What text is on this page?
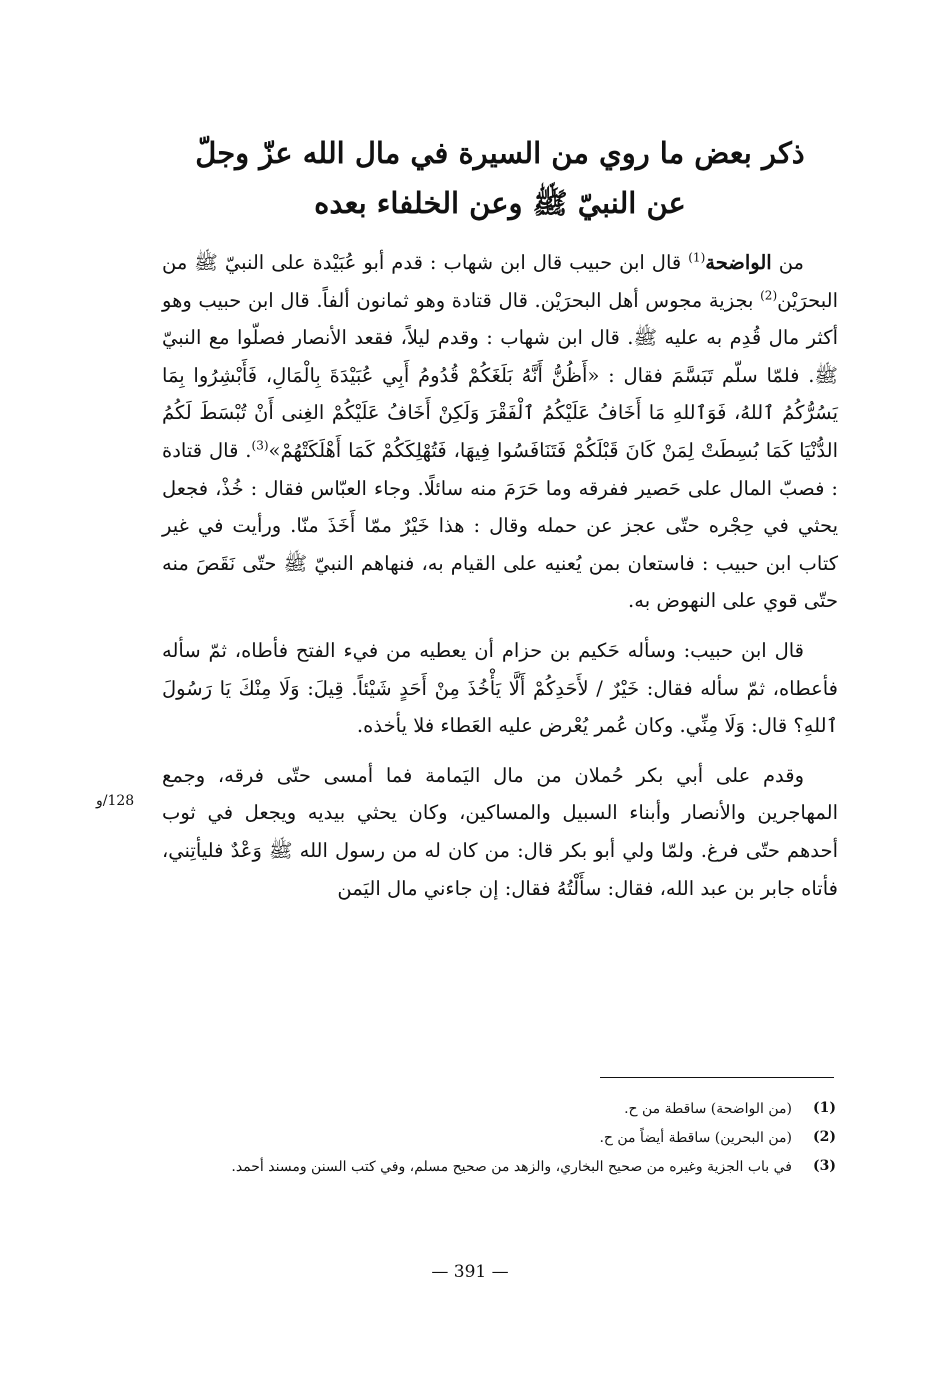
ذكر بعض ما روي من السيرة في مال الله عزّ وجلّ
عن النبيّ ﷺ وعن الخلفاء بعده

من الواضحة$^{(1)}$ قال ابن حبيب قال ابن شهاب : قدم أبو عُبَيْدة على النبيّ ﷺ من البحرَيْن$^{(2)}$ بجزية مجوس أهل البحرَيْن. قال قتادة وهو ثمانون ألفاً. قال ابن حبيب وهو أكثر مال قُدِم به عليه ﷺ. قال ابن شهاب : وقدم ليلاً، فقعد الأنصار فصلّوا مع النبيّ ﷺ. فلمّا سلّم تَبَسَّمَ فقال : «أَظُنُّ أَنَّهُ بَلَغَكُمْ قُدُومُ أَبِي عُبَيْدَةَ بِالْمَالِ، فَأَبْشِرُوا بِمَا يَسُرُّكُمُ ٱللهُ، فَوَٱللهِ مَا أَخَافُ عَلَيْكُمُ ٱلْفَقْرَ وَلَكِنْ أَخَافُ عَلَيْكُمْ الغِنى أَنْ تُبْسَطَ لَكُمُ الدُّنْيَا كَمَا بُسِطَتْ لِمَنْ كَانَ قَبْلَكُمْ فَتَنَافَسُوا فِيهَا، فَتُهْلِكَكُمْ كَمَا أَهْلَكَتْهُمْ»$^{(3)}$. قال قتادة : فصبّ المال على حَصير ففرقه وما حَرَمَ منه سائلًا. وجاء العبّاس فقال : خُذْ، فجعل يحثي في حِجْره حتّى عجز عن حمله وقال : هذا خَيْرٌ ممّا أَخَذَ منّا. ورأيت في غير كتاب ابن حبيب : فاستعان بمن يُعنيه على القيام به، فنهاهم النبيّ ﷺ حتّى نَقَصَ منه حتّى قوي على النهوض به.

قال ابن حبيب: وسأله حَكيم بن حزام أن يعطيه من فيء الفتح فأطاه، ثمّ سأله فأعطاه، ثمّ سأله فقال: خَيْرٌ / لأَحَدِكُمْ أَلَّا يَأْخُذَ مِنْ أَحَدٍ شَيْئاً. قِيلَ: وَلَا مِنْكَ يَا رَسُولَ ٱللهِ؟ قال: وَلَا مِنِّي. وكان عُمر يُعْرض عليه العَطاء فلا يأخذه.

وقدم على أبي بكر حُملان من مال اليَمامة فما أمسى حتّى فرقه، وجمع المهاجرين والأنصار وأبناء السبيل والمساكين، وكان يحثي بيديه ويجعل في ثوب أحدهم حتّى فرغ. ولمّا ولي أبو بكر قال: من كان له من رسول الله ﷺ وَعْدٌ فليأتِني، فأتاه جابر بن عبد الله، فقال: سأَلْتُهُ فقال: إن جاءني مال اليَمن

128/و
(1)
(من الواضحة) ساقطة من ح.
(2)
(من البحرين) ساقطة أيضاً من ح.
(3)
في باب الجزية وغيره من صحيح البخاري، والزهد من صحيح مسلم، وفي كتب السنن ومسند أحمد.
— 391 —
